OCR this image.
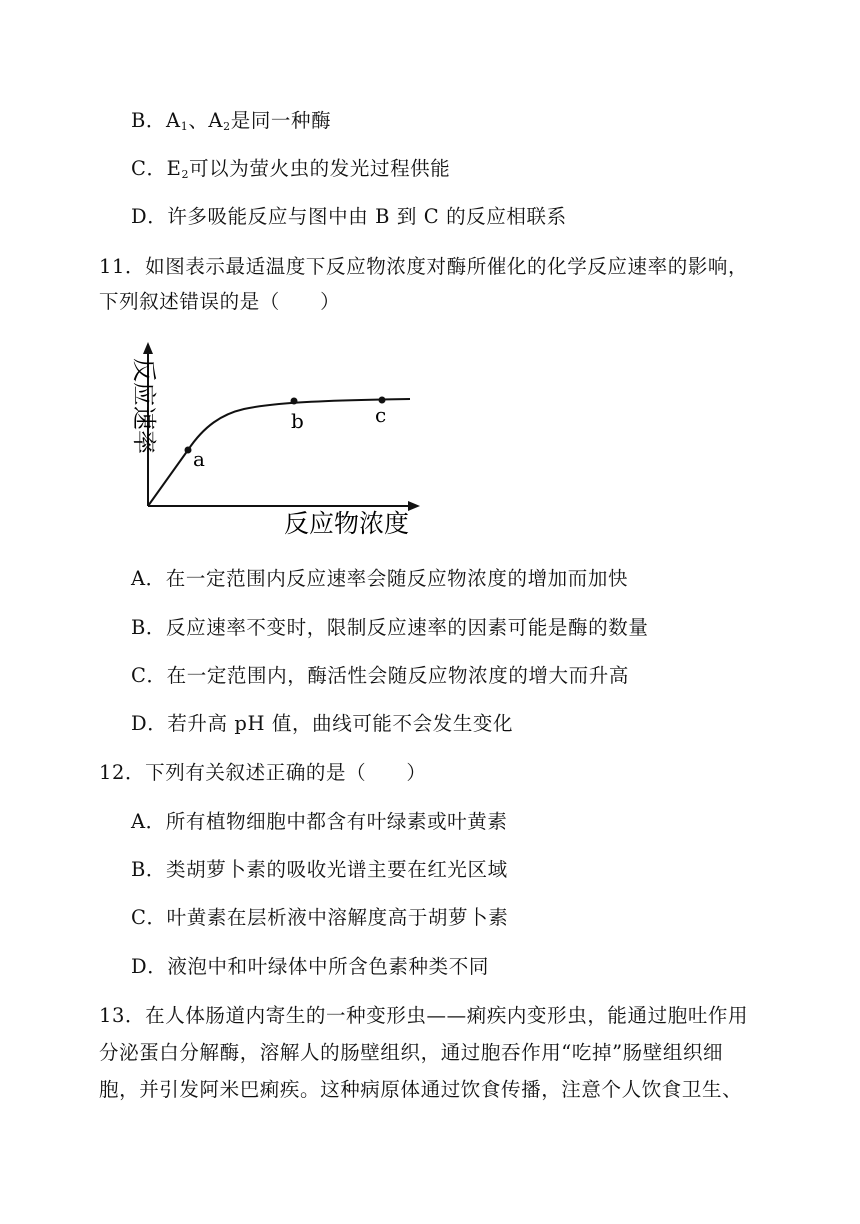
B．$A_1$、$A_2$是同一种酶
C．$E_2$可以为萤火虫的发光过程供能
D．许多吸能反应与图中由 B 到 C 的反应相联系
11．如图表示最适温度下反应物浓度对酶所催化的化学反应速率的影响，
下列叙述错误的是（　　）
a
b	c
反应速率
反应物浓度
A．在一定范围内反应速率会随反应物浓度的增加而加快
B．反应速率不变时，限制反应速率的因素可能是酶的数量
C．在一定范围内，酶活性会随反应物浓度的增大而升高
D．若升高 pH 值，曲线可能不会发生变化
12．下列有关叙述正确的是（　　）
A．所有植物细胞中都含有叶绿素或叶黄素
B．类胡萝卜素的吸收光谱主要在红光区域
C．叶黄素在层析液中溶解度高于胡萝卜素
D．液泡中和叶绿体中所含色素种类不同
13．在人体肠道内寄生的一种变形虫——痢疾内变形虫，能通过胞吐作用
分泌蛋白分解酶，溶解人的肠壁组织，通过胞吞作用“吃掉”肠壁组织细
胞，并引发阿米巴痢疾。这种病原体通过饮食传播，注意个人饮食卫生、
